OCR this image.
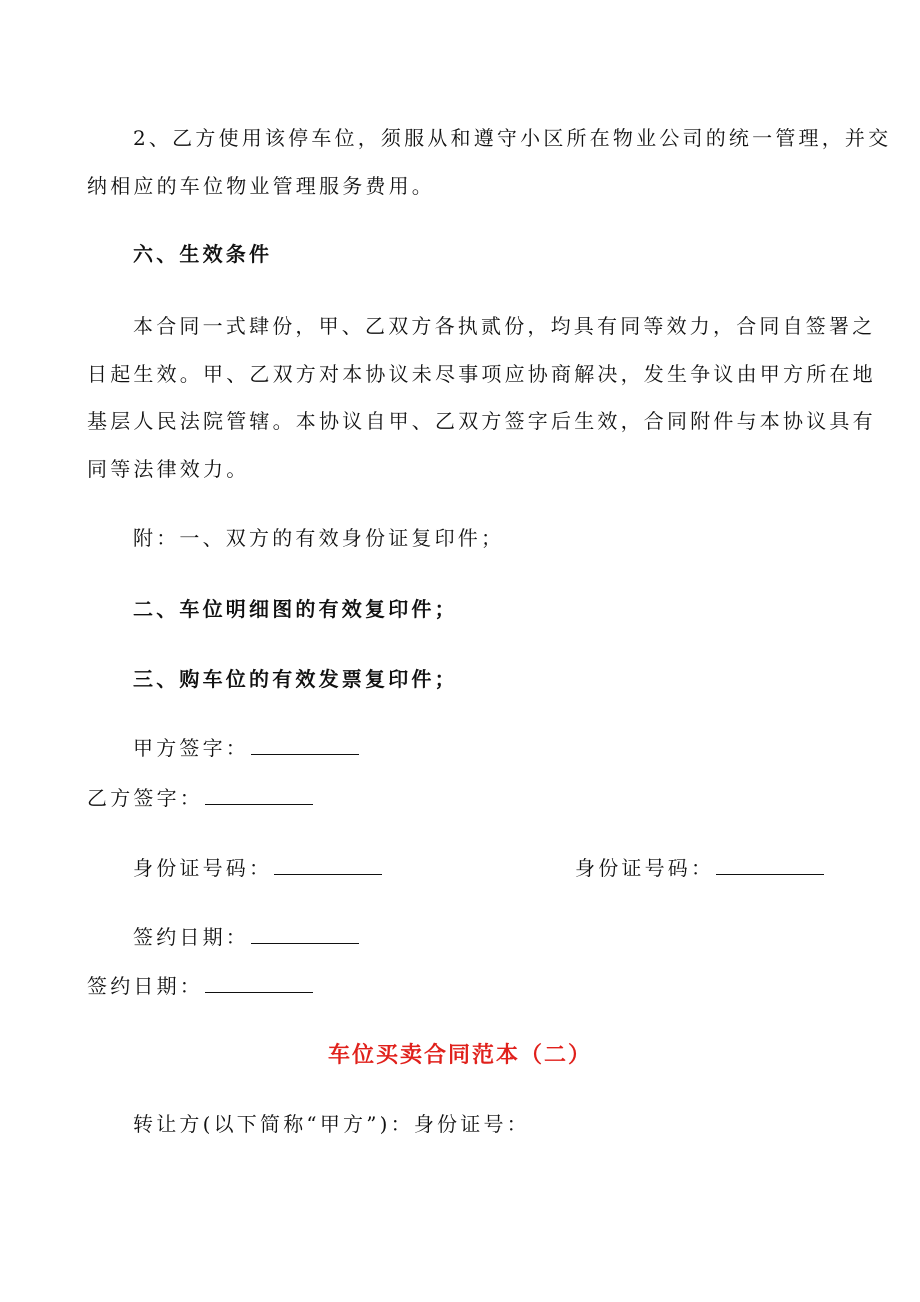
2、乙方使用该停车位，须服从和遵守小区所在物业公司的统一管理，并交
纳相应的车位物业管理服务费用。
六、生效条件
本合同一式肆份，甲、乙双方各执贰份，均具有同等效力，合同自签署之
日起生效。甲、乙双方对本协议未尽事项应协商解决，发生争议由甲方所在地
基层人民法院管辖。本协议自甲、乙双方签字后生效，合同附件与本协议具有
同等法律效力。
附：一、双方的有效身份证复印件；
二、车位明细图的有效复印件；
三、购车位的有效发票复印件；
甲方签字：
乙方签字：
身份证号码：	身份证号码：
签约日期：
签约日期：
车位买卖合同范本（二）
转让方(以下简称“甲方”)：身份证号：
